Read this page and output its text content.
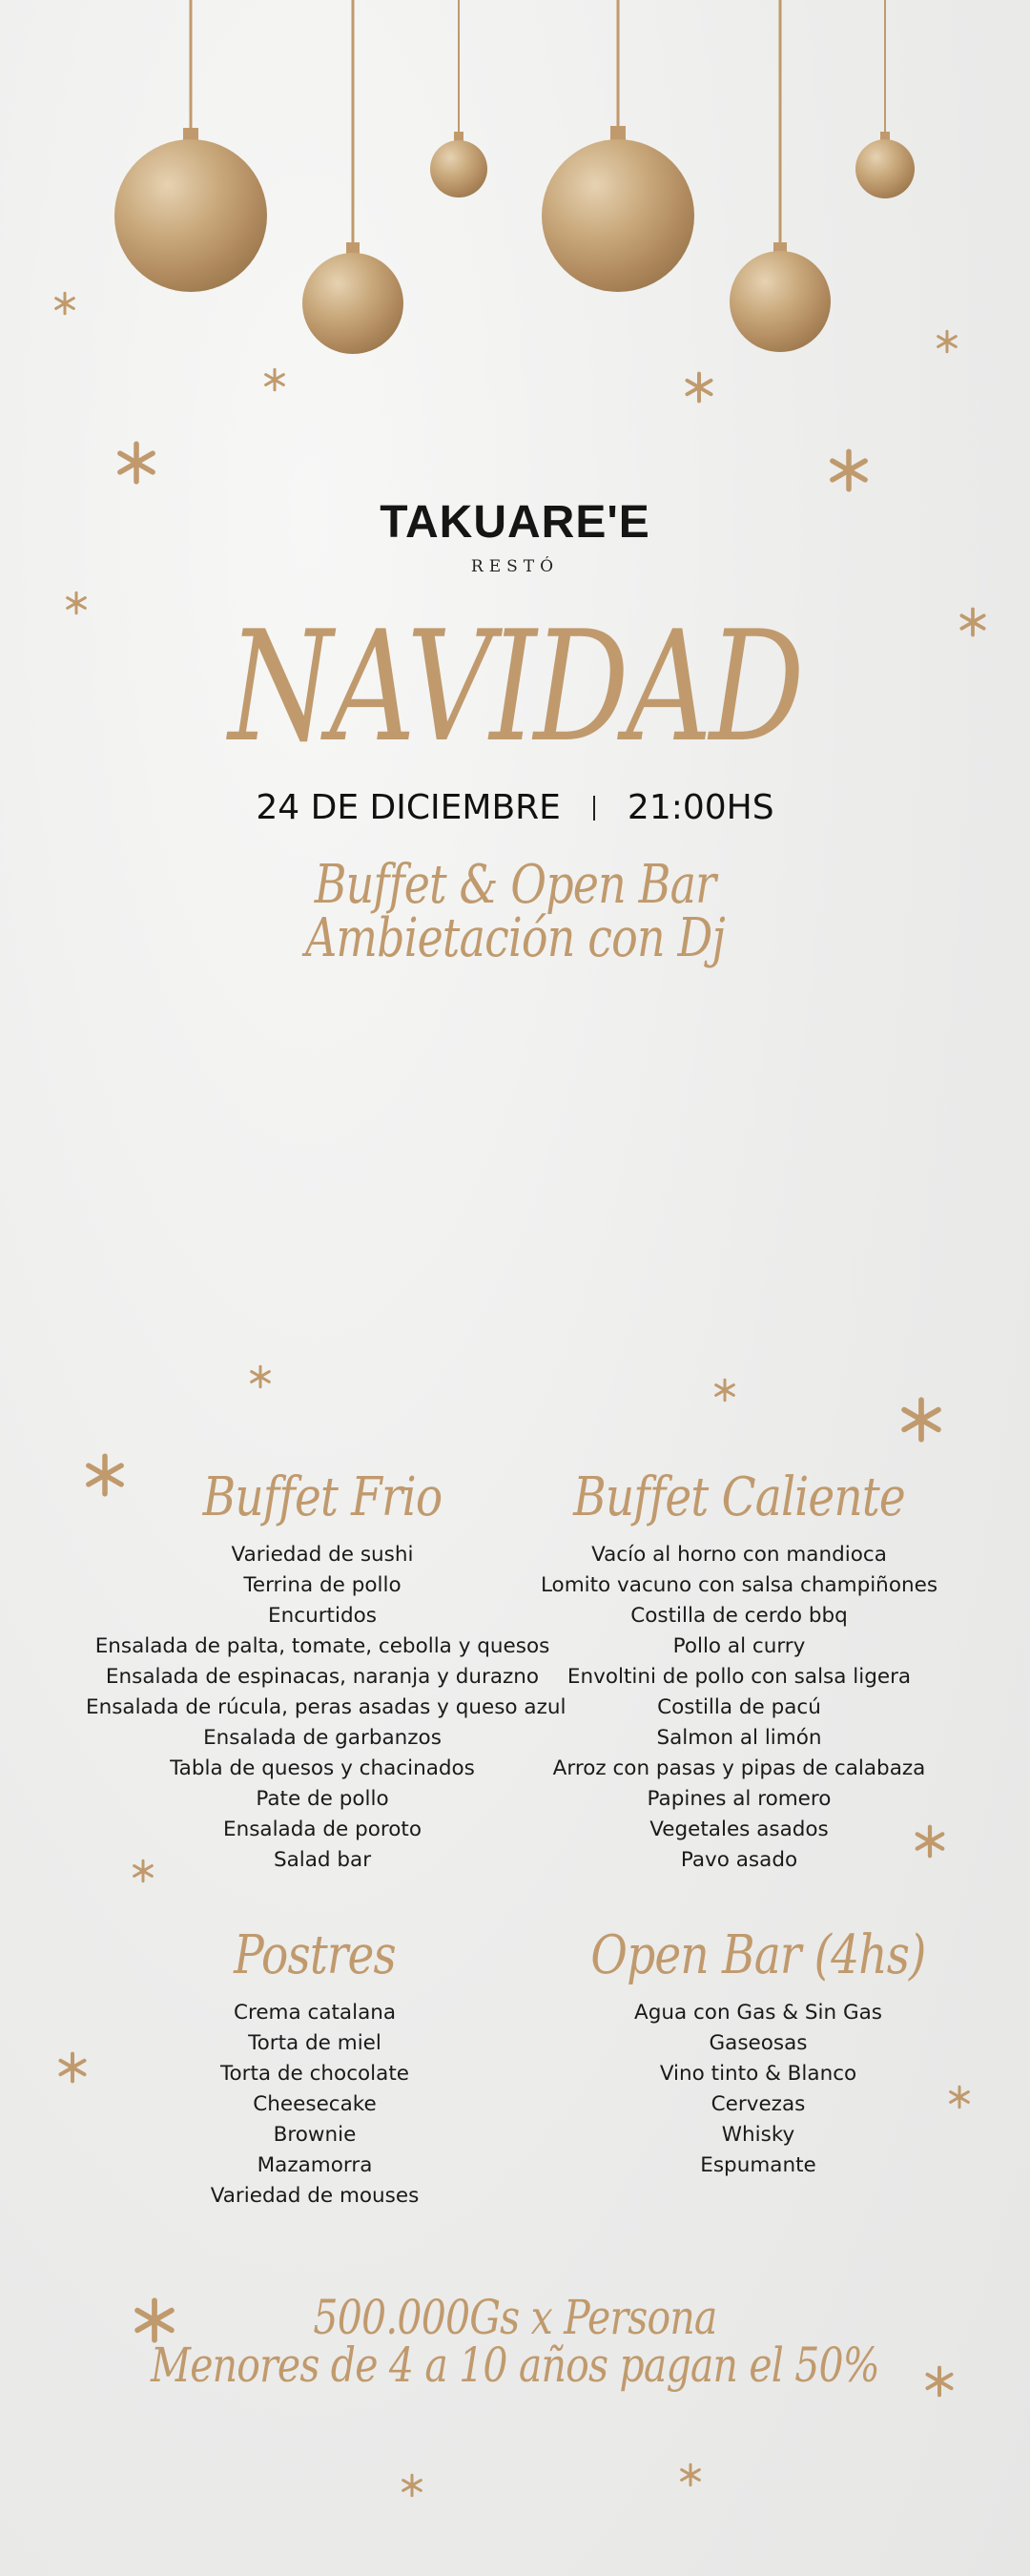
TAKUARE'E
RESTÓ
NAVIDAD
24 DE DICIEMBRE 21:00HS
Buffet & Open Bar
Ambietación con Dj
Buffet Frio
Variedad de sushi
Terrina de pollo
Encurtidos
Ensalada de palta, tomate, cebolla y quesos
Ensalada de espinacas, naranja y durazno
Ensalada de rúcula, peras asadas y queso azul
Ensalada de garbanzos
Tabla de quesos y chacinados
Pate de pollo
Ensalada de poroto
Salad bar
Buffet Caliente
Vacío al horno con mandioca
Lomito vacuno con salsa champiñones
Costilla de cerdo bbq
Pollo al curry
Envoltini de pollo con salsa ligera
Costilla de pacú
Salmon al limón
Arroz con pasas y pipas de calabaza
Papines al romero
Vegetales asados
Pavo asado
Postres
Crema catalana
Torta de miel
Torta de chocolate
Cheesecake
Brownie
Mazamorra
Variedad de mouses
Open Bar (4hs)
Agua con Gas & Sin Gas
Gaseosas
Vino tinto & Blanco
Cervezas
Whisky
Espumante
500.000Gs x Persona
Menores de 4 a 10 años pagan el 50%
